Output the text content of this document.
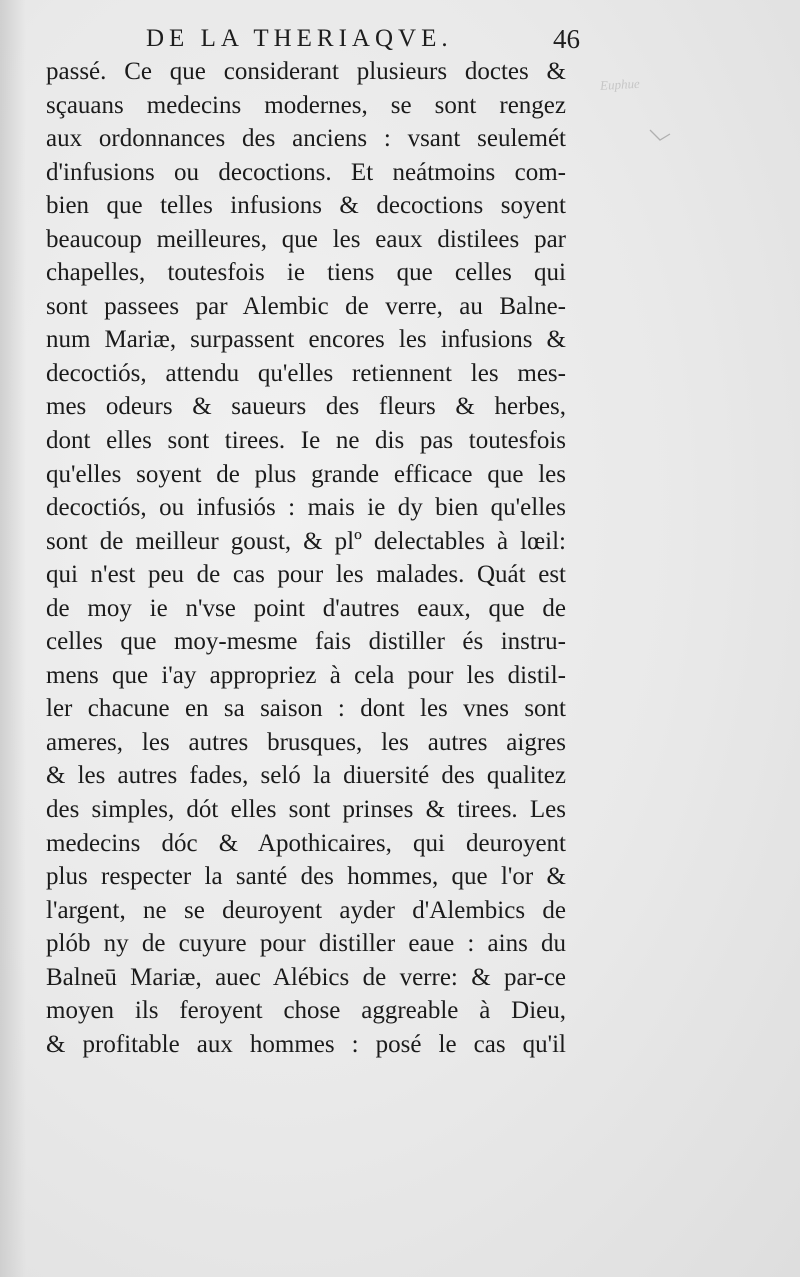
DE LA THERIAQVE.	46
Euphue
passé. Ce que considerant plusieurs doctes &
sçauans medecins modernes, se sont rengez
aux ordonnances des anciens : vsant seulemét
d'infusions ou decoctions. Et neátmoins com-
bien que telles infusions & decoctions soyent
beaucoup meilleures, que les eaux distilees par
chapelles, toutesfois ie tiens que celles qui
sont passees par Alembic de verre, au Balne-
num Mariæ, surpassent encores les infusions &
decoctiós, attendu qu'elles retiennent les mes-
mes odeurs & saueurs des fleurs & herbes,
dont elles sont tirees. Ie ne dis pas toutesfois
qu'elles soyent de plus grande efficace que les
decoctiós, ou infusiós : mais ie dy bien qu'elles
sont de meilleur goust, & plº delectables à lœil:
qui n'est peu de cas pour les malades. Quát est
de moy ie n'vse point d'autres eaux, que de
celles que moy-mesme fais distiller és instru-
mens que i'ay appropriez à cela pour les distil-
ler chacune en sa saison : dont les vnes sont
ameres, les autres brusques, les autres aigres
& les autres fades, seló la diuersité des qualitez
des simples, dót elles sont prinses & tirees. Les
medecins dóc & Apothicaires, qui deuroyent
plus respecter la santé des hommes, que l'or &
l'argent, ne se deuroyent ayder d'Alembics de
plób ny de cuyure pour distiller eaue : ains du
Balneū Mariæ, auec Alébics de verre: & par-ce
moyen ils feroyent chose aggreable à Dieu,
& profitable aux hommes : posé le cas qu'il
